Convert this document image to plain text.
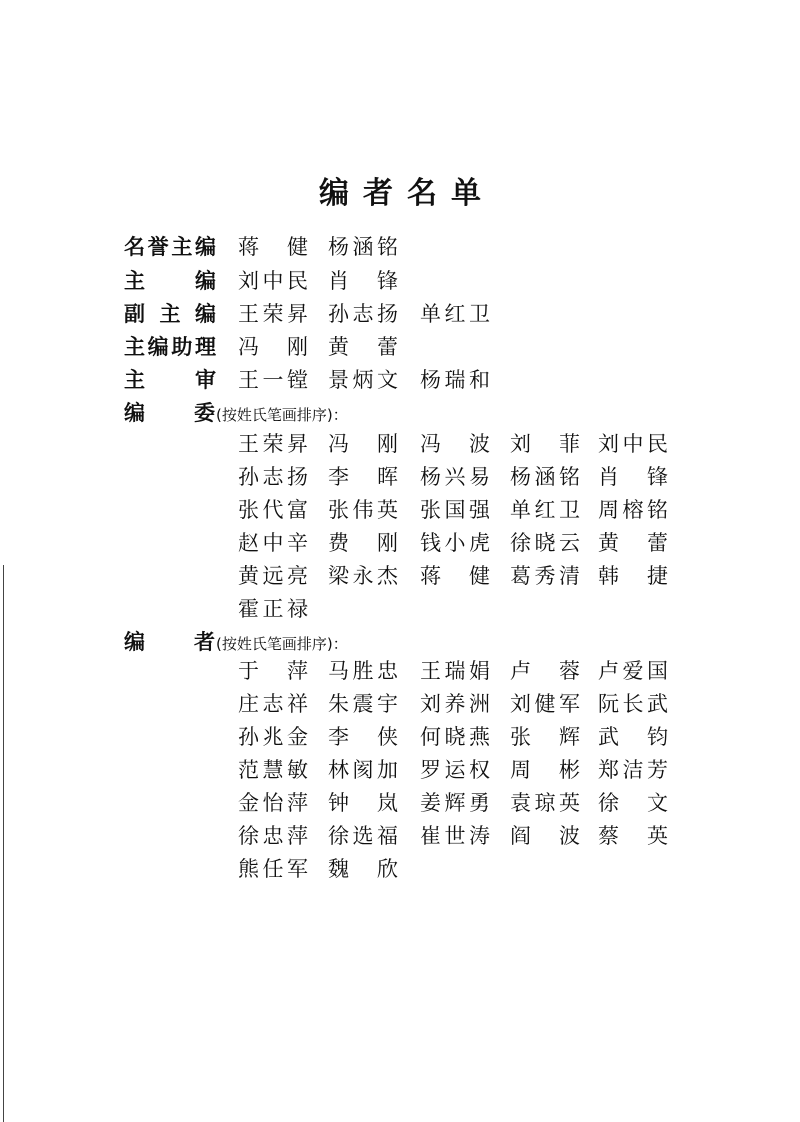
编者名单
名 誉 主 编 蒋 健 杨 涵 铭
主 编 刘 中 民 肖 锋
副 主 编 王 荣 昇 孙 志 扬 单 红 卫
主 编 助 理 冯 刚 黄 蕾
主 审 王 一 镗 景 炳 文 杨 瑞 和
编 委(按姓氏笔画排序)：
王 荣 昇 冯 刚 冯 波 刘 菲 刘 中 民
孙 志 扬 李 晖 杨 兴 易 杨 涵 铭 肖 锋
张 代 富 张 伟 英 张 国 强 单 红 卫 周 榕 铭
赵 中 辛 费 刚 钱 小 虎 徐 晓 云 黄 蕾
黄 远 亮 梁 永 杰 蒋 健 葛 秀 清 韩 捷
霍 正 禄
编 者(按姓氏笔画排序)：
于 萍 马 胜 忠 王 瑞 娟 卢 蓉 卢 爱 国
庄 志 祥 朱 震 宇 刘 养 洲 刘 健 军 阮 长 武
孙 兆 金 李 侠 何 晓 燕 张 辉 武 钧
范 慧 敏 林 阂 加 罗 运 权 周 彬 郑 洁 芳
金 怡 萍 钟 岚 姜 辉 勇 袁 琼 英 徐 文
徐 忠 萍 徐 选 福 崔 世 涛 阎 波 蔡 英
熊 任 军 魏 欣
